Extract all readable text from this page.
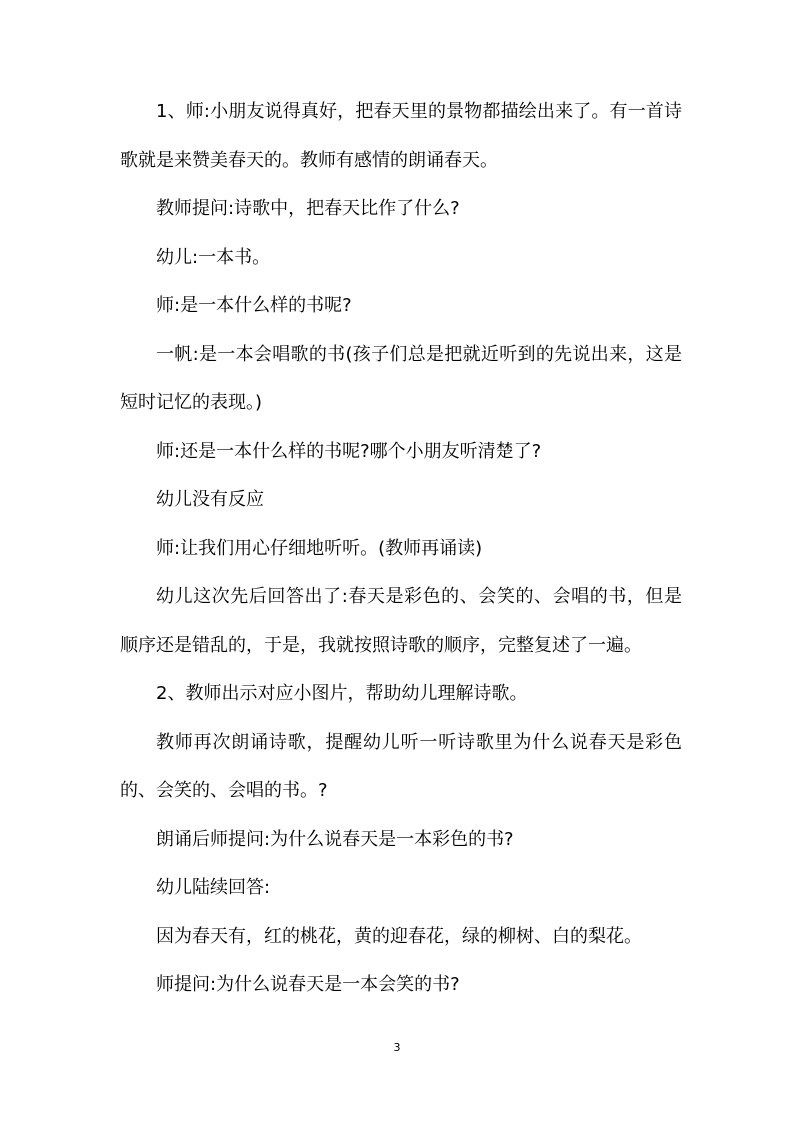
1、师:小朋友说得真好，把春天里的景物都描绘出来了。有一首诗歌就是来赞美春天的。教师有感情的朗诵春天。

教师提问:诗歌中，把春天比作了什么?

幼儿:一本书。

师:是一本什么样的书呢?

一帆:是一本会唱歌的书(孩子们总是把就近听到的先说出来，这是短时记忆的表现。)

师:还是一本什么样的书呢?哪个小朋友听清楚了?

幼儿没有反应

师:让我们用心仔细地听听。(教师再诵读)

幼儿这次先后回答出了:春天是彩色的、会笑的、会唱的书，但是顺序还是错乱的，于是，我就按照诗歌的顺序，完整复述了一遍。

2、教师出示对应小图片，帮助幼儿理解诗歌。

教师再次朗诵诗歌，提醒幼儿听一听诗歌里为什么说春天是彩色的、会笑的、会唱的书。?

朗诵后师提问:为什么说春天是一本彩色的书?

幼儿陆续回答:

因为春天有，红的桃花，黄的迎春花，绿的柳树、白的梨花。

师提问:为什么说春天是一本会笑的书?

3
